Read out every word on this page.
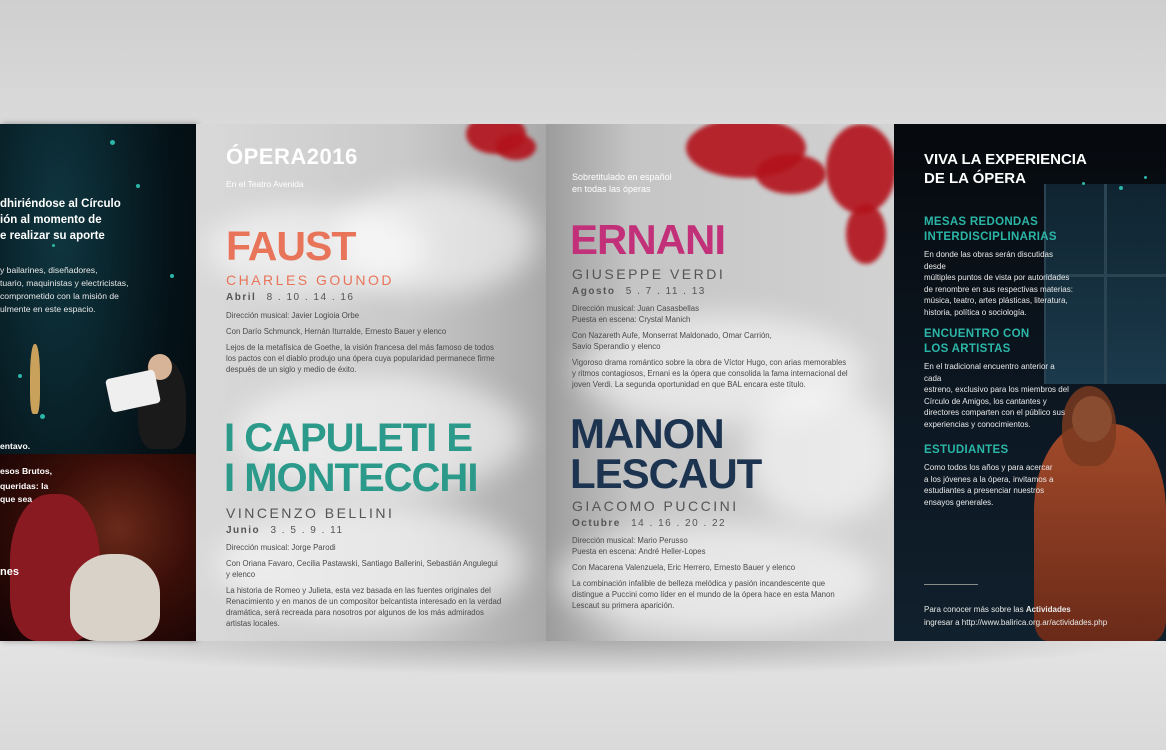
dhiriéndose al Círculo
ión al momento de
e realizar su aporte
y bailarines, diseñadores,
tuario, maquinistas y electricistas,
comprometido con la misión de
ulmente en este espacio.
entavo.
esos Brutos,
queridas: la
que sea
nes
ÓPERA2016
En el Teatro Avenida
FAUST
CHARLES GOUNOD
Abril 8 . 10 . 14 . 16
Dirección musical: Javier Logioia Orbe
Con Darío Schmunck, Hernán Iturralde, Ernesto Bauer y elenco
Lejos de la metafísica de Goethe, la visión francesa del más famoso de todos
los pactos con el diablo produjo una ópera cuya popularidad permanece firme
después de un siglo y medio de éxito.
I CAPULETI E
I MONTECCHI
VINCENZO BELLINI
Junio 3 . 5 . 9 . 11
Dirección musical: Jorge Parodi
Con Oriana Favaro, Cecilia Pastawski, Santiago Ballerini, Sebastián Angulegui
y elenco
La historia de Romeo y Julieta, esta vez basada en las fuentes originales del
Renacimiento y en manos de un compositor belcantista interesado en la verdad
dramática, será recreada para nosotros por algunos de los más admirados
artistas locales.
Sobretitulado en español
en todas las óperas
ERNANI
GIUSEPPE VERDI
Agosto 5 . 7 . 11 . 13
Dirección musical: Juan Casasbellas
Puesta en escena: Crystal Manich
Con Nazareth Aufe, Monserrat Maldonado, Omar Carrión,
Savio Sperandio y elenco
Vigoroso drama romántico sobre la obra de Víctor Hugo, con arias memorables
y ritmos contagiosos, Ernani es la ópera que consolida la fama internacional del
joven Verdi. La segunda oportunidad en que BAL encara este título.
MANON
LESCAUT
GIACOMO PUCCINI
Octubre 14 . 16 . 20 . 22
Dirección musical: Mario Perusso
Puesta en escena: André Heller-Lopes
Con Macarena Valenzuela, Eric Herrero, Ernesto Bauer y elenco
La combinación infalible de belleza melódica y pasión incandescente que
distingue a Puccini como líder en el mundo de la ópera hace en esta Manon
Lescaut su primera aparición.
VIVA LA EXPERIENCIA
DE LA ÓPERA
MESAS REDONDAS
INTERDISCIPLINARIAS
En donde las obras serán discutidas desde
múltiples puntos de vista por autoridades
de renombre en sus respectivas materias:
música, teatro, artes plásticas, literatura,
historia, política o sociología.
ENCUENTRO CON
LOS ARTISTAS
En el tradicional encuentro anterior a cada
estreno, exclusivo para los miembros del
Círculo de Amigos, los cantantes y
directores comparten con el público sus
experiencias y conocimientos.
ESTUDIANTES
Como todos los años y para acercar
a los jóvenes a la ópera, invitamos a
estudiantes a presenciar nuestros
ensayos generales.
Para conocer más sobre las Actividades
ingresar a http://www.balirica.org.ar/actividades.php
